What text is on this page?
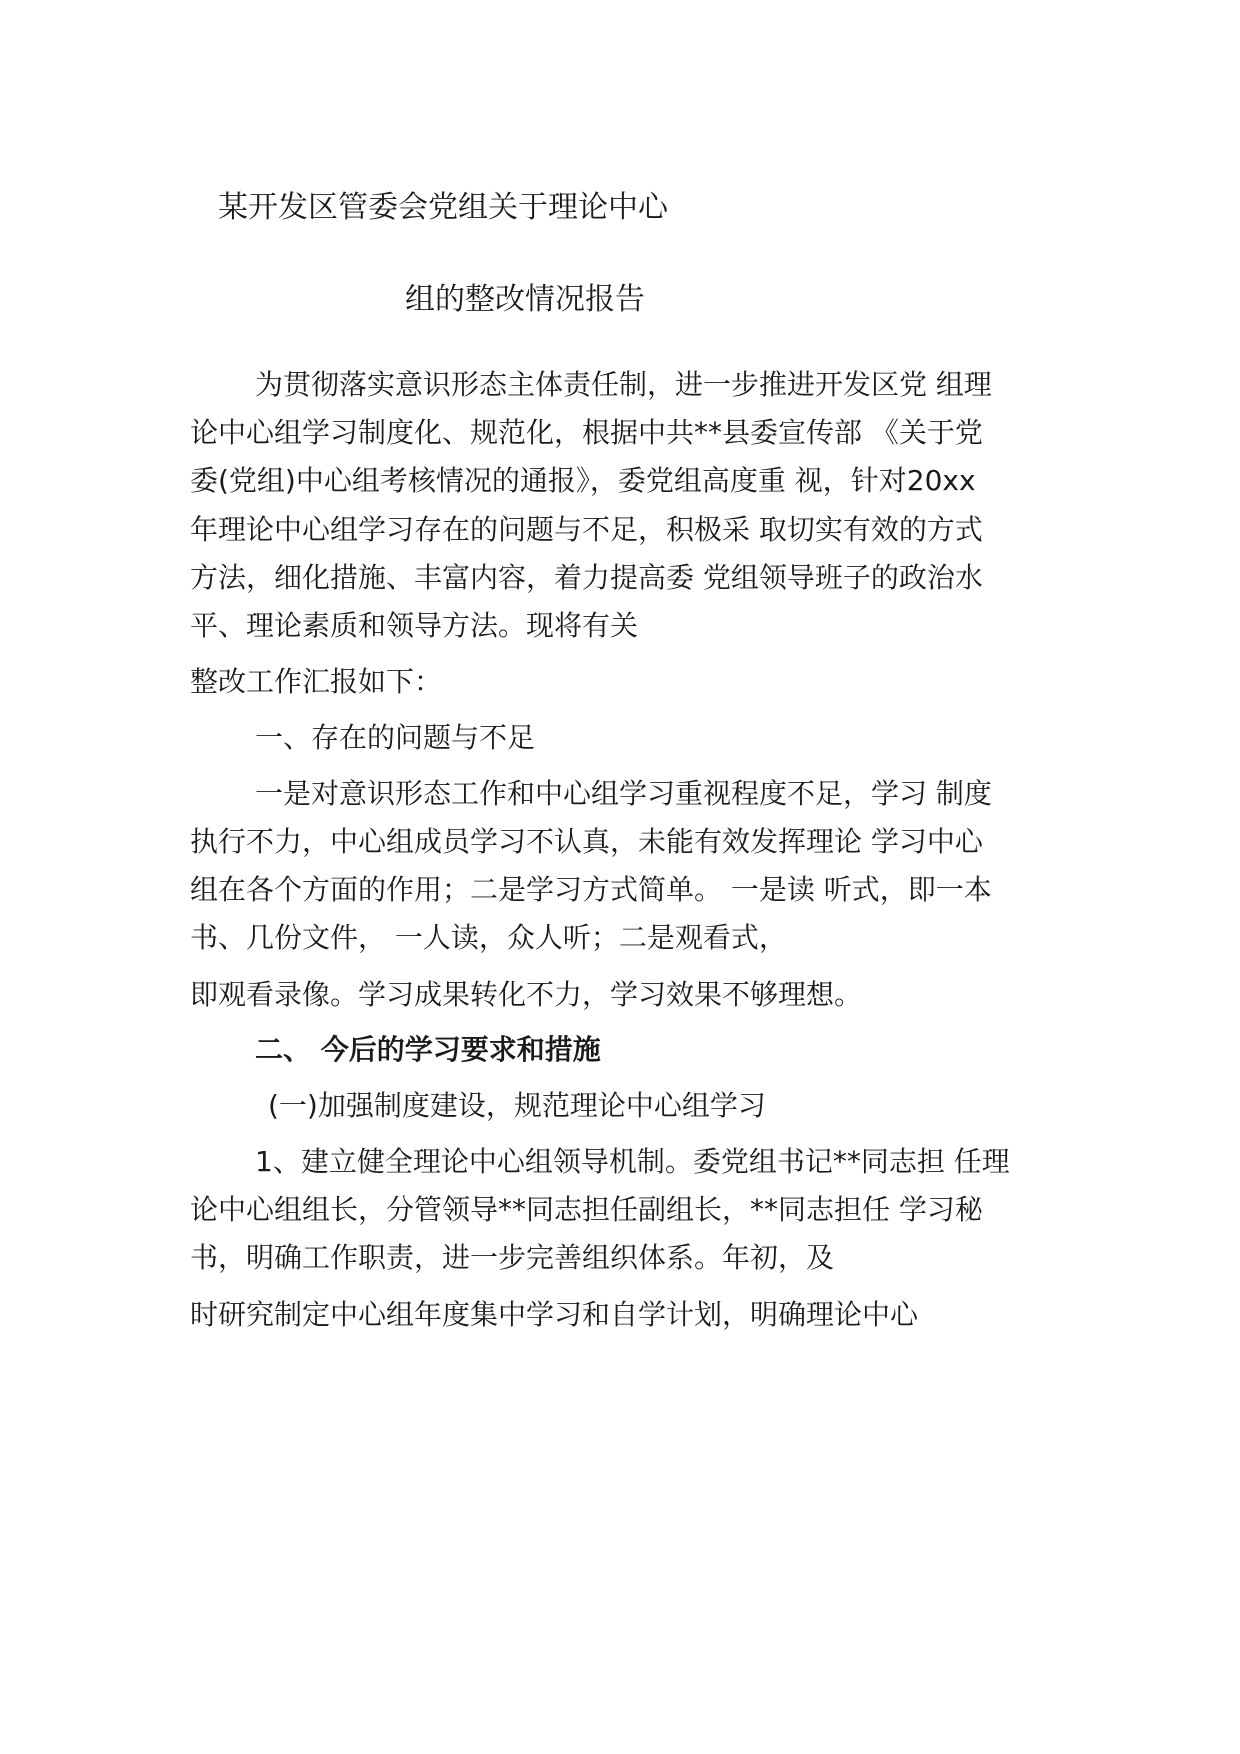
某开发区管委会党组关于理论中心

组的整改情况报告

为贯彻落实意识形态主体责任制，进一步推进开发区党 组理

论中心组学习制度化、规范化，根据中共**县委宣传部 《关于党

委(党组)中心组考核情况的通报》，委党组高度重 视，针对20xx

年理论中心组学习存在的问题与不足，积极采 取切实有效的方式

方法，细化措施、丰富内容，着力提高委 党组领导班子的政治水

平、理论素质和领导方法。现将有关

整改工作汇报如下：

一、存在的问题与不足

一是对意识形态工作和中心组学习重视程度不足，学习 制度

执行不力，中心组成员学习不认真，未能有效发挥理论 学习中心

组在各个方面的作用；二是学习方式简单。 一是读 听式，即一本

书、几份文件， 一人读，众人听；二是观看式，

即观看录像。学习成果转化不力，学习效果不够理想。

二、 今后的学习要求和措施

(一)加强制度建设，规范理论中心组学习

1、建立健全理论中心组领导机制。委党组书记**同志担 任理

论中心组组长，分管领导**同志担任副组长，**同志担任 学习秘

书，明确工作职责，进一步完善组织体系。年初，及

时研究制定中心组年度集中学习和自学计划，明确理论中心
